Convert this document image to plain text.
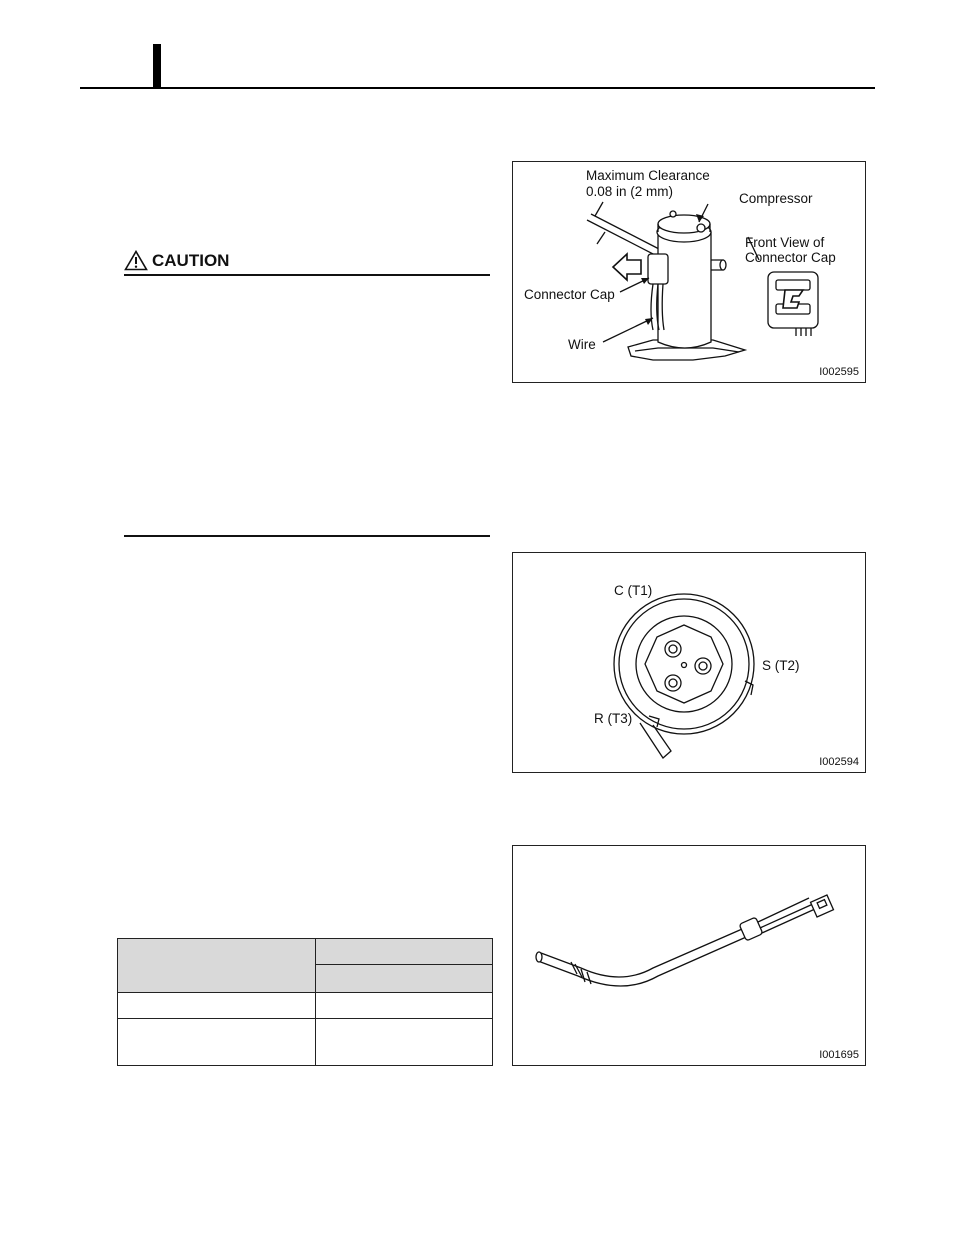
CAUTION
Maximum Clearance
0.08 in (2 mm)	Compressor
Front View of
Connector Cap
Connector Cap
Wire
I002595
C (T1)
S (T2)
R (T3)
I002594
I001695
